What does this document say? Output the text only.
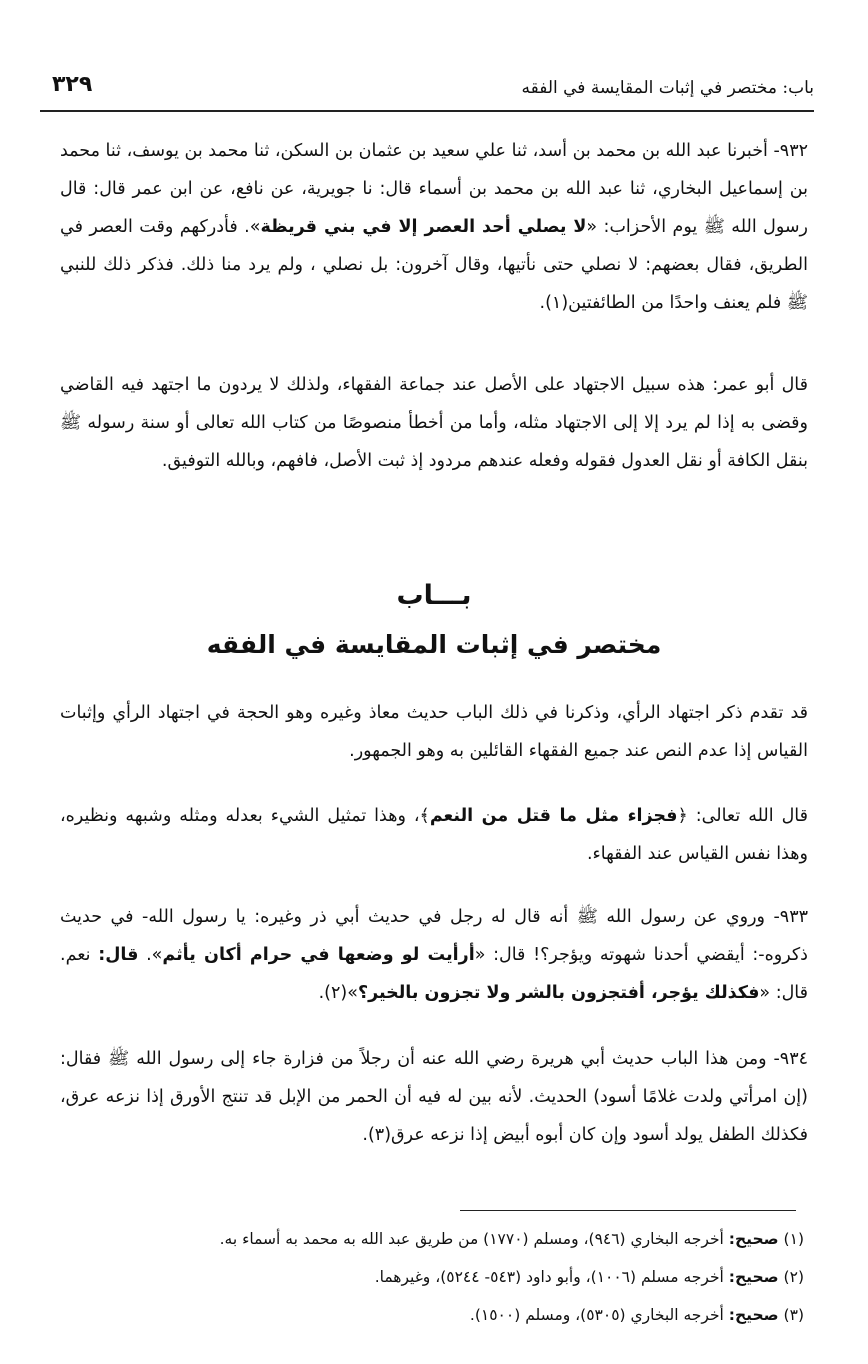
باب: مختصر في إثبات المقايسة في الفقه
٣٢٩

٩٣٢- أخبرنا عبد الله بن محمد بن أسد، ثنا علي سعيد بن عثمان بن السكن، ثنا محمد بن يوسف، ثنا محمد بن إسماعيل البخاري، ثنا عبد الله بن محمد بن أسماء قال: نا جويرية، عن نافع، عن ابن عمر قال: قال رسول الله ﷺ يوم الأحزاب: «لا يصلي أحد العصر إلا في بني قريظة». فأدركهم وقت العصر في الطريق، فقال بعضهم: لا نصلي حتى نأتيها، وقال آخرون: بل نصلي ، ولم يرد منا ذلك. فذكر ذلك للنبي ﷺ فلم يعنف واحدًا من الطائفتين(١).

قال أبو عمر: هذه سبيل الاجتهاد على الأصل عند جماعة الفقهاء، ولذلك لا يردون ما اجتهد فيه القاضي وقضى به إذا لم يرد إلا إلى الاجتهاد مثله، وأما من أخطأ منصوصًا من كتاب الله تعالى أو سنة رسوله ﷺ بنقل الكافة أو نقل العدول فقوله وفعله عندهم مردود إذ ثبت الأصل، فافهم، وبالله التوفيق.

بـــاب
مختصر في إثبات المقايسة في الفقه

قد تقدم ذكر اجتهاد الرأي، وذكرنا في ذلك الباب حديث معاذ وغيره وهو الحجة في اجتهاد الرأي وإثبات القياس إذا عدم النص عند جميع الفقهاء القائلين به وهو الجمهور.

قال الله تعالى: ﴿فجزاء مثل ما قتل من النعم﴾، وهذا تمثيل الشيء بعدله ومثله وشبهه ونظيره، وهذا نفس القياس عند الفقهاء.

٩٣٣- وروي عن رسول الله ﷺ أنه قال له رجل في حديث أبي ذر وغيره: يا رسول الله- في حديث ذكروه-: أيقضي أحدنا شهوته ويؤجر؟! قال: «أرأيت لو وضعها في حرام أكان يأثم». قال: نعم. قال: «فكذلك يؤجر، أفتجزون بالشر ولا تجزون بالخير؟»(٢).

٩٣٤- ومن هذا الباب حديث أبي هريرة رضي الله عنه أن رجلاً من فزارة جاء إلى رسول الله ﷺ فقال: (إن امرأتي ولدت غلامًا أسود) الحديث. لأنه بين له فيه أن الحمر من الإبل قد تنتج الأورق إذا نزعه عرق، فكذلك الطفل يولد أسود وإن كان أبوه أبيض إذا نزعه عرق(٣).

(١) صحيح: أخرجه البخاري (٩٤٦)، ومسلم (١٧٧٠) من طريق عبد الله به محمد به أسماء به.

(٢) صحيح: أخرجه مسلم (١٠٠٦)، وأبو داود (٥٤٣- ٥٢٤٤)، وغيرهما.

(٣) صحيح: أخرجه البخاري (٥٣٠٥)، ومسلم (١٥٠٠).
